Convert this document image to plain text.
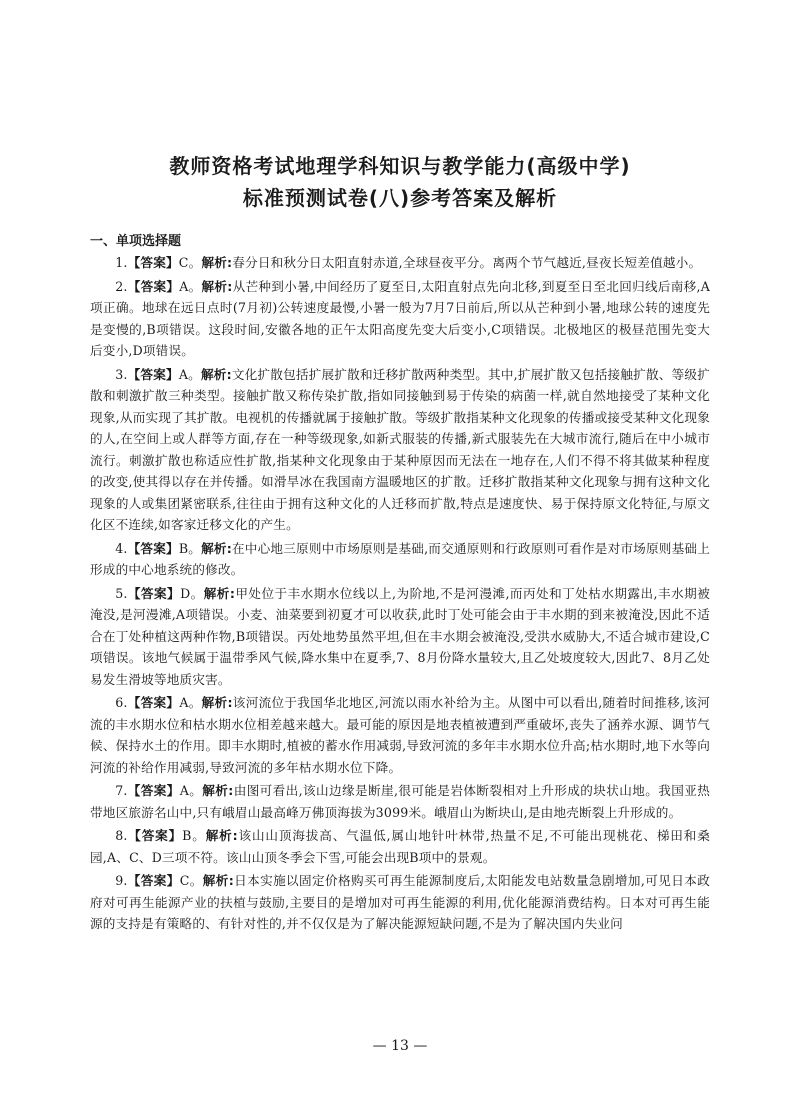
教师资格考试地理学科知识与教学能力(高级中学)
标准预测试卷(八)参考答案及解析
一、单项选择题
1.【答案】C。解析:春分日和秋分日太阳直射赤道,全球昼夜平分。离两个节气越近,昼夜长短差值越小。
2.【答案】A。解析:从芒种到小暑,中间经历了夏至日,太阳直射点先向北移,到夏至日至北回归线后南移,A项正确。地球在远日点时(7月初)公转速度最慢,小暑一般为7月7日前后,所以从芒种到小暑,地球公转的速度先是变慢的,B项错误。这段时间,安徽各地的正午太阳高度先变大后变小,C项错误。北极地区的极昼范围先变大后变小,D项错误。
3.【答案】A。解析:文化扩散包括扩展扩散和迁移扩散两种类型。其中,扩展扩散又包括接触扩散、等级扩散和刺激扩散三种类型。接触扩散又称传染扩散,指如同接触到易于传染的病菌一样,就自然地接受了某种文化现象,从而实现了其扩散。电视机的传播就属于接触扩散。等级扩散指某种文化现象的传播或接受某种文化现象的人,在空间上或人群等方面,存在一种等级现象,如新式服装的传播,新式服装先在大城市流行,随后在中小城市流行。刺激扩散也称适应性扩散,指某种文化现象由于某种原因而无法在一地存在,人们不得不将其做某种程度的改变,使其得以存在并传播。如滑旱冰在我国南方温暖地区的扩散。迁移扩散指某种文化现象与拥有这种文化现象的人或集团紧密联系,往往由于拥有这种文化的人迁移而扩散,特点是速度快、易于保持原文化特征,与原文化区不连续,如客家迁移文化的产生。
4.【答案】B。解析:在中心地三原则中市场原则是基础,而交通原则和行政原则可看作是对市场原则基础上形成的中心地系统的修改。
5.【答案】D。解析:甲处位于丰水期水位线以上,为阶地,不是河漫滩,而丙处和丁处枯水期露出,丰水期被淹没,是河漫滩,A项错误。小麦、油菜要到初夏才可以收获,此时丁处可能会由于丰水期的到来被淹没,因此不适合在丁处种植这两种作物,B项错误。丙处地势虽然平坦,但在丰水期会被淹没,受洪水威胁大,不适合城市建设,C项错误。该地气候属于温带季风气候,降水集中在夏季,7、8月份降水量较大,且乙处坡度较大,因此7、8月乙处易发生滑坡等地质灾害。
6.【答案】A。解析:该河流位于我国华北地区,河流以雨水补给为主。从图中可以看出,随着时间推移,该河流的丰水期水位和枯水期水位相差越来越大。最可能的原因是地表植被遭到严重破坏,丧失了涵养水源、调节气候、保持水土的作用。即丰水期时,植被的蓄水作用减弱,导致河流的多年丰水期水位升高;枯水期时,地下水等向河流的补给作用减弱,导致河流的多年枯水期水位下降。
7.【答案】A。解析:由图可看出,该山边缘是断崖,很可能是岩体断裂相对上升形成的块状山地。我国亚热带地区旅游名山中,只有峨眉山最高峰万佛顶海拔为3099米。峨眉山为断块山,是由地壳断裂上升形成的。
8.【答案】B。解析:该山山顶海拔高、气温低,属山地针叶林带,热量不足,不可能出现桃花、梯田和桑园,A、C、D三项不符。该山山顶冬季会下雪,可能会出现B项中的景观。
9.【答案】C。解析:日本实施以固定价格购买可再生能源制度后,太阳能发电站数量急剧增加,可见日本政府对可再生能源产业的扶植与鼓励,主要目的是增加对可再生能源的利用,优化能源消费结构。日本对可再生能源的支持是有策略的、有针对性的,并不仅仅是为了解决能源短缺问题,不是为了解决国内失业问
— 13 —
